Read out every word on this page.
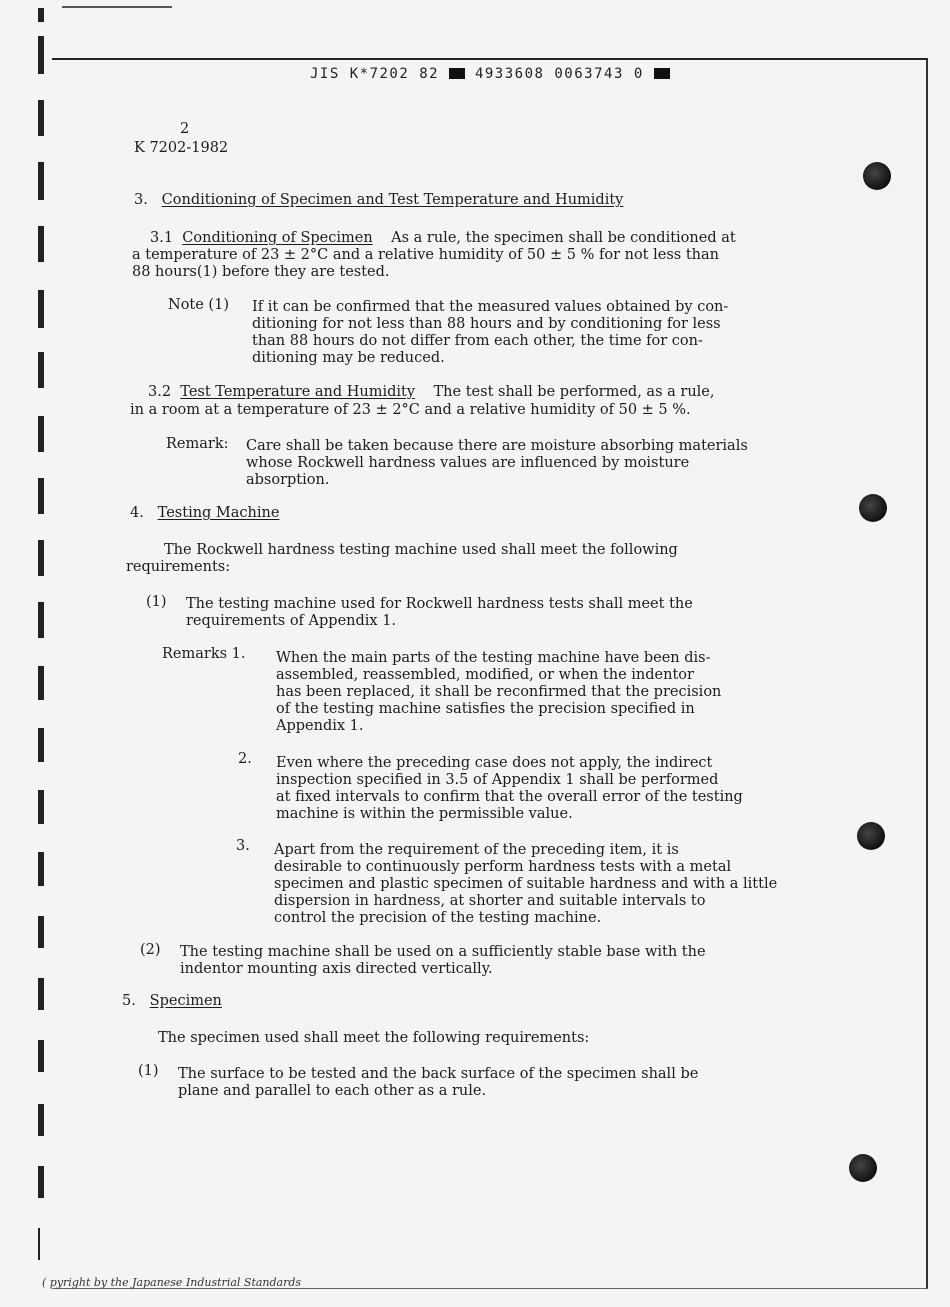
JIS K*7202 82	4933608 0063743 0
2
K 7202-1982
3. Conditioning of Specimen and Test Temperature and Humidity
3.1 Conditioning of Specimen As a rule, the specimen shall be conditioned at
a temperature of 23 ± 2°C and a relative humidity of 50 ± 5 % for not less than
88 hours(1) before they are tested.
Note (1) If it can be confirmed that the measured values obtained by con-
ditioning for not less than 88 hours and by conditioning for less
than 88 hours do not differ from each other, the time for con-
ditioning may be reduced.
3.2 Test Temperature and Humidity The test shall be performed, as a rule,
in a room at a temperature of 23 ± 2°C and a relative humidity of 50 ± 5 %.
Remark: Care shall be taken because there are moisture absorbing materials
whose Rockwell hardness values are influenced by moisture
absorption.
4. Testing Machine
The Rockwell hardness testing machine used shall meet the following
requirements:
(1) The testing machine used for Rockwell hardness tests shall meet the
requirements of Appendix 1.
Remarks 1. When the main parts of the testing machine have been dis-
assembled, reassembled, modified, or when the indentor
has been replaced, it shall be reconfirmed that the precision
of the testing machine satisfies the precision specified in
Appendix 1.
2. Even where the preceding case does not apply, the indirect
inspection specified in 3.5 of Appendix 1 shall be performed
at fixed intervals to confirm that the overall error of the testing
machine is within the permissible value.
3. Apart from the requirement of the preceding item, it is
desirable to continuously perform hardness tests with a metal
specimen and plastic specimen of suitable hardness and with a little
dispersion in hardness, at shorter and suitable intervals to
control the precision of the testing machine.
(2) The testing machine shall be used on a sufficiently stable base with the
indentor mounting axis directed vertically.
5. Specimen
The specimen used shall meet the following requirements:
(1) The surface to be tested and the back surface of the specimen shall be
plane and parallel to each other as a rule.
( pyright by the Japanese Industrial Standards
